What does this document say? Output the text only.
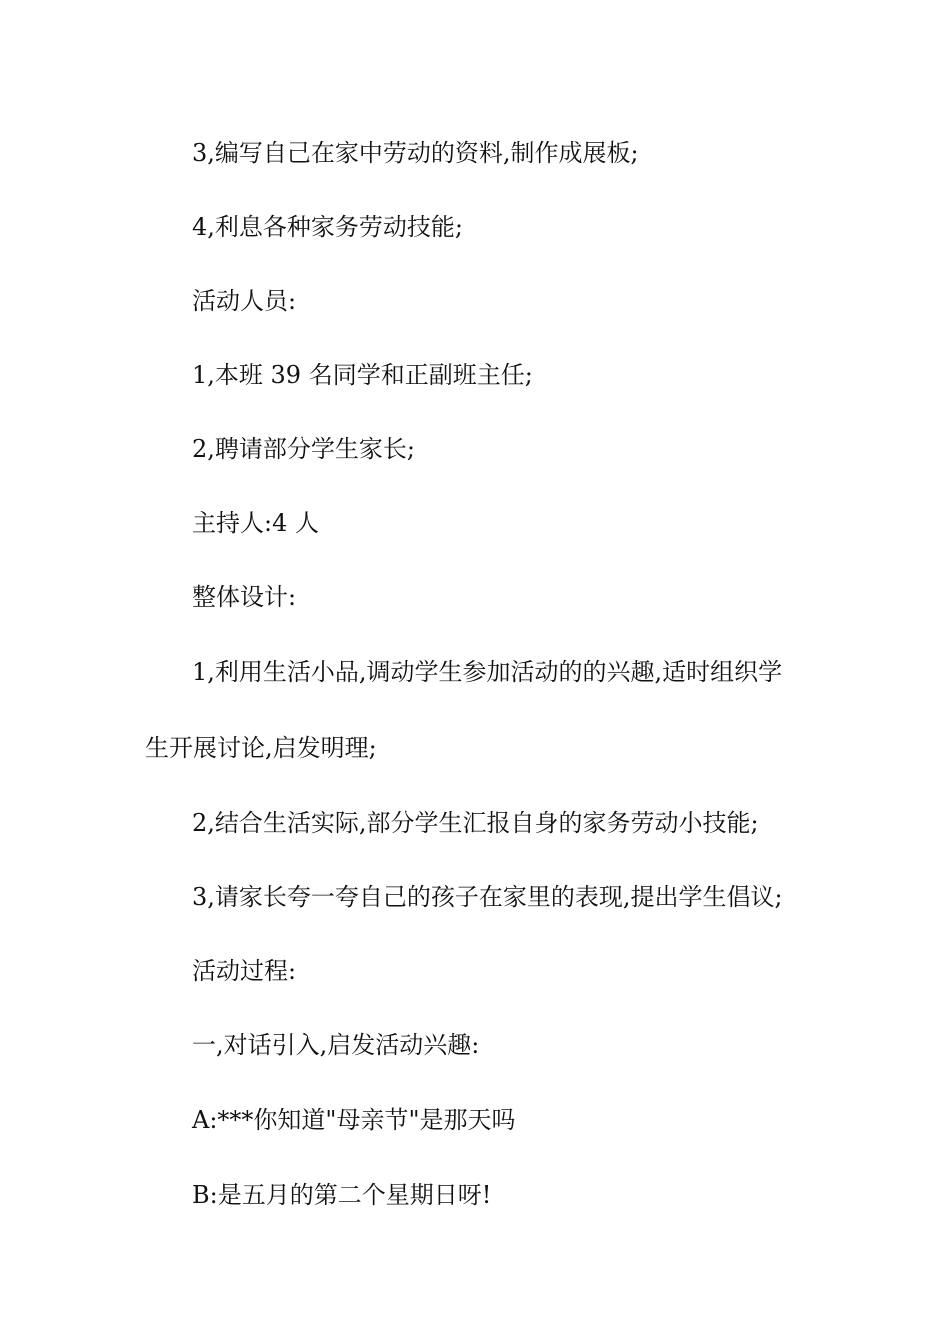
3,编写自己在家中劳动的资料,制作成展板;
4,利息各种家务劳动技能;
活动人员:
1,本班 39 名同学和正副班主任;
2,聘请部分学生家长;
主持人:4 人
整体设计:
1,利用生活小品,调动学生参加活动的的兴趣,适时组织学
生开展讨论,启发明理;
2,结合生活实际,部分学生汇报自身的家务劳动小技能;
3,请家长夸一夸自己的孩子在家里的表现,提出学生倡议;
活动过程:
一,对话引入,启发活动兴趣:
A:***你知道"母亲节"是那天吗
B:是五月的第二个星期日呀!
